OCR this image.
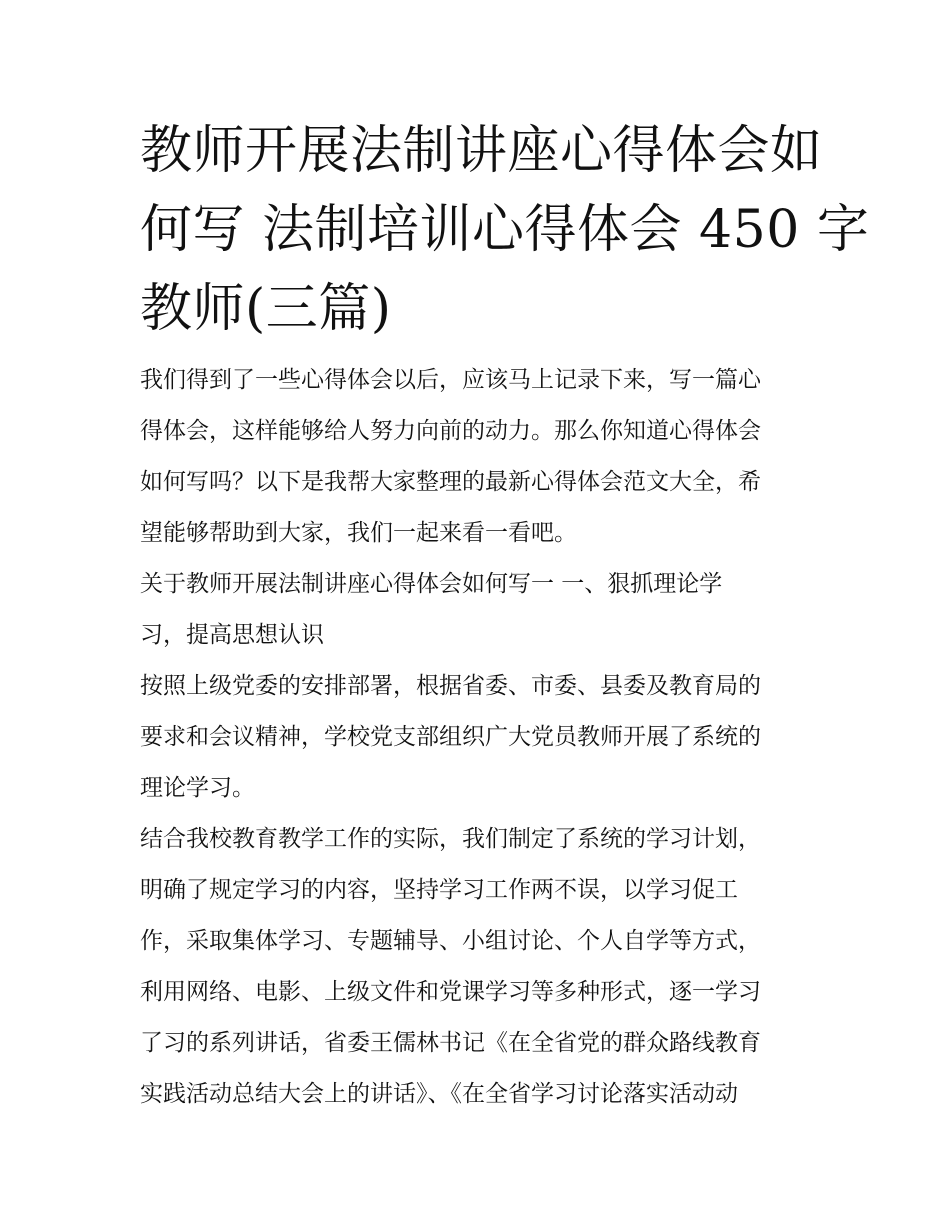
教师开展法制讲座心得体会如
何写 法制培训心得体会 450 字
教师(三篇)

我们得到了一些心得体会以后，应该马上记录下来，写一篇心
得体会，这样能够给人努力向前的动力。那么你知道心得体会
如何写吗？以下是我帮大家整理的最新心得体会范文大全，希
望能够帮助到大家，我们一起来看一看吧。

关于教师开展法制讲座心得体会如何写一 一、狠抓理论学
习，提高思想认识

按照上级党委的安排部署，根据省委、市委、县委及教育局的
要求和会议精神，学校党支部组织广大党员教师开展了系统的
理论学习。

结合我校教育教学工作的实际，我们制定了系统的学习计划，
明确了规定学习的内容，坚持学习工作两不误，以学习促工
作，采取集体学习、专题辅导、小组讨论、个人自学等方式，
利用网络、电影、上级文件和党课学习等多种形式，逐一学习
了习的系列讲话，省委王儒林书记《在全省党的群众路线教育
实践活动总结大会上的讲话》、《在全省学习讨论落实活动动
